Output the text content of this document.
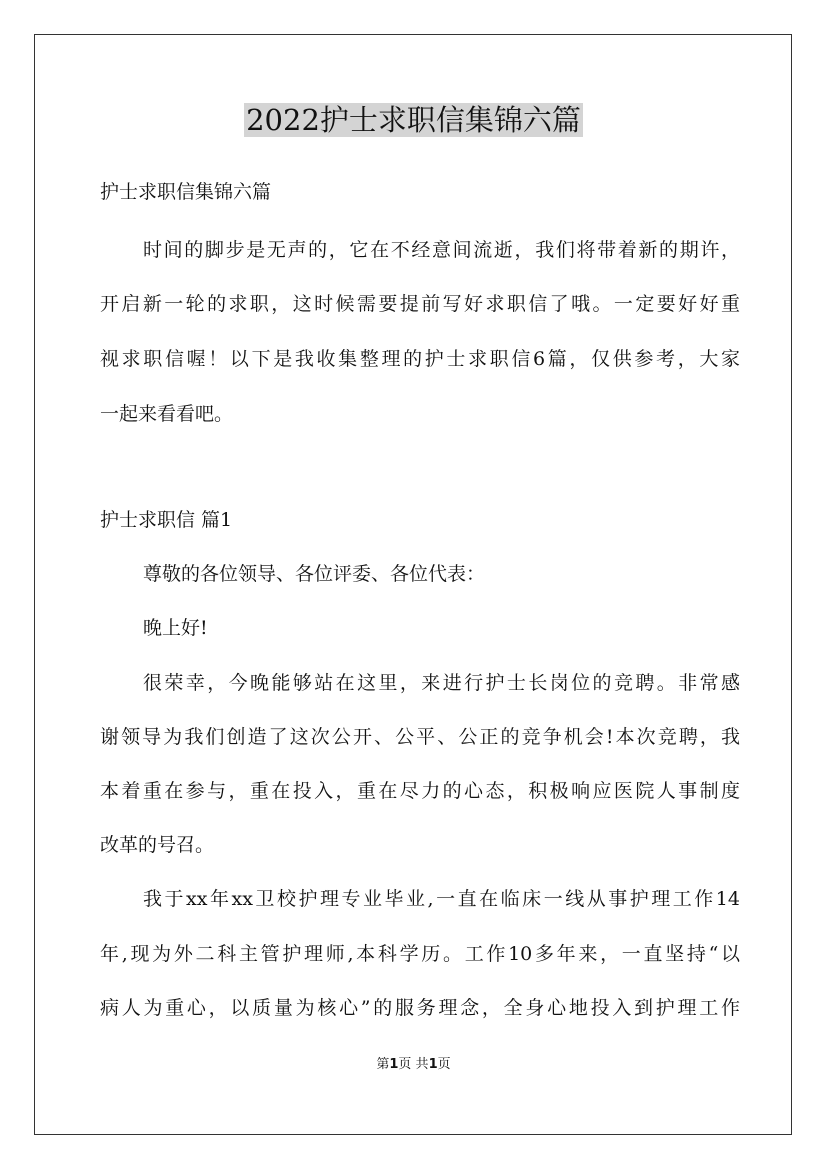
2022护士求职信集锦六篇
护士求职信集锦六篇
时间的脚步是无声的，它在不经意间流逝，我们将带着新的期许，
开启新一轮的求职，这时候需要提前写好求职信了哦。一定要好好重
视求职信喔！以下是我收集整理的护士求职信6篇，仅供参考，大家
一起来看看吧。
护士求职信 篇1
尊敬的各位领导、各位评委、各位代表：
晚上好!
很荣幸，今晚能够站在这里，来进行护士长岗位的竞聘。非常感
谢领导为我们创造了这次公开、公平、公正的竞争机会!本次竞聘，我
本着重在参与，重在投入，重在尽力的心态，积极响应医院人事制度
改革的号召。
我于xx年xx卫校护理专业毕业,一直在临床一线从事护理工作14
年,现为外二科主管护理师,本科学历。工作10多年来，一直坚持“以
病人为重心，以质量为核心”的服务理念，全身心地投入到护理工作
第1页 共1页
